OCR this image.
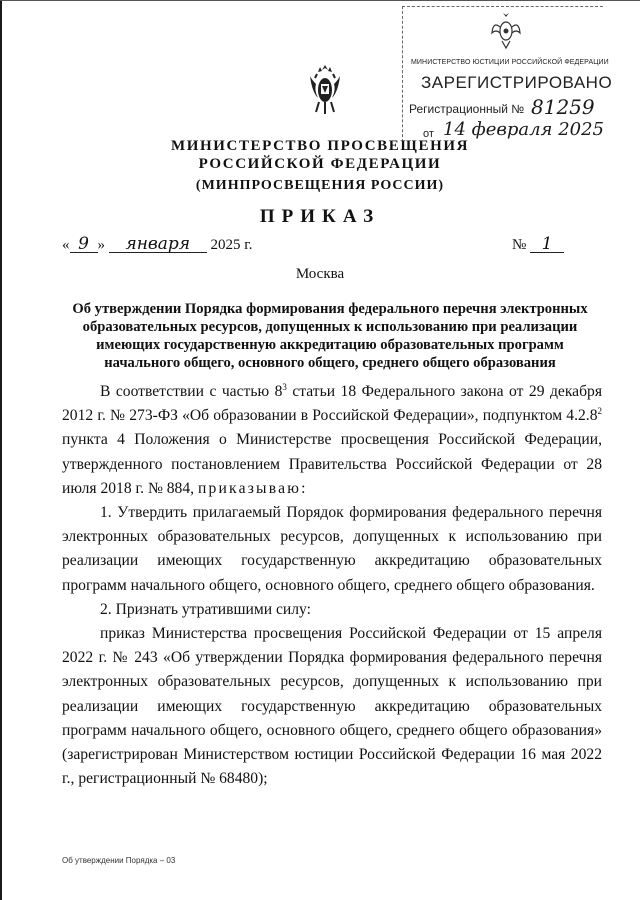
МИНИСТЕРСТВО ЮСТИЦИИ РОССИЙСКОЙ ФЕДЕРАЦИИ
ЗАРЕГИСТРИРОВАНО
Регистрационный № 81259
от 14 февраля 2025
МИНИСТЕРСТВО ПРОСВЕЩЕНИЯ
РОССИЙСКОЙ ФЕДЕРАЦИИ
(МИНПРОСВЕЩЕНИЯ РОССИИ)
ПРИКАЗ
« 9 » января 2025 г.	№ 1
Москва
Об утверждении Порядка формирования федерального перечня электронных образовательных ресурсов, допущенных к использованию при реализации имеющих государственную аккредитацию образовательных программ начального общего, основного общего, среднего общего образования

В соответствии с частью $8^3$ статьи 18 Федерального закона от 29 декабря 2012 г. № 273-ФЗ «Об образовании в Российской Федерации», подпунктом 4.2.8$^2$ пункта 4 Положения о Министерстве просвещения Российской Федерации, утвержденного постановлением Правительства Российской Федерации от 28 июля 2018 г. № 884, приказываю:

1. Утвердить прилагаемый Порядок формирования федерального перечня электронных образовательных ресурсов, допущенных к использованию при реализации имеющих государственную аккредитацию образовательных программ начального общего, основного общего, среднего общего образования.

2. Признать утратившими силу:

приказ Министерства просвещения Российской Федерации от 15 апреля 2022 г. № 243 «Об утверждении Порядка формирования федерального перечня электронных образовательных ресурсов, допущенных к использованию при реализации имеющих государственную аккредитацию образовательных программ начального общего, основного общего, среднего общего образования» (зарегистрирован Министерством юстиции Российской Федерации 16 мая 2022 г., регистрационный № 68480);

Об утверждении Порядка – 03
